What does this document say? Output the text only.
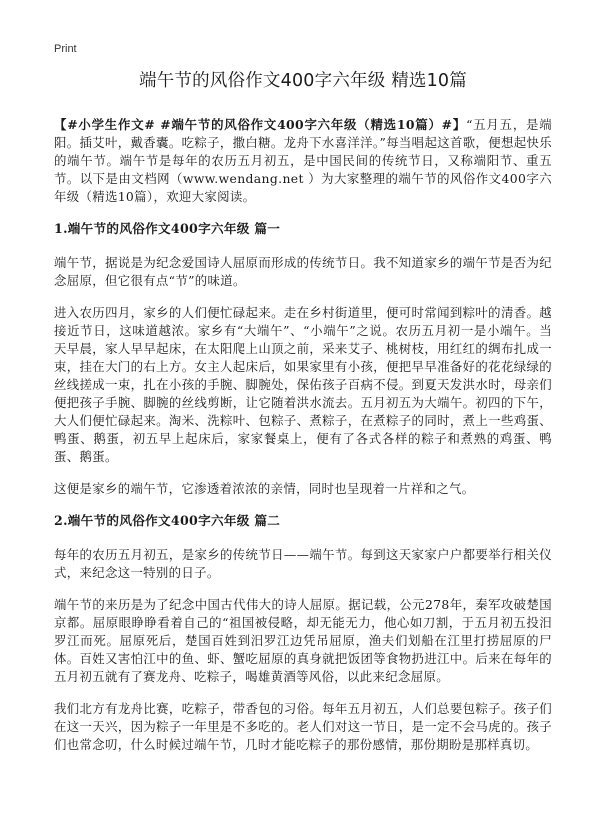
Print
端午节的风俗作文400字六年级 精选10篇

【#小学生作文# #端午节的风俗作文400字六年级（精选10篇）#】“五月五，是端阳。插艾叶，戴香囊。吃粽子，撒白糖。龙舟下水喜洋洋。”每当唱起这首歌，便想起快乐的端午节。端午节是每年的农历五月初五，是中国民间的传统节日，又称端阳节、重五节。以下是由文档网（www.wendang.net ）为大家整理的端午节的风俗作文400字六年级（精选10篇），欢迎大家阅读。

1.端午节的风俗作文400字六年级 篇一

端午节，据说是为纪念爱国诗人屈原而形成的传统节日。我不知道家乡的端午节是否为纪念屈原，但它很有点“节”的味道。

进入农历四月，家乡的人们便忙碌起来。走在乡村街道里，便可时常闻到粽叶的清香。越接近节日，这味道越浓。家乡有“大端午”、“小端午”之说。农历五月初一是小端午。当天早晨，家人早早起床，在太阳爬上山顶之前，采来艾子、桃树枝，用红红的绸布扎成一束，挂在大门的右上方。女主人起床后，如果家里有小孩，便把早早准备好的花花绿绿的丝线搓成一束，扎在小孩的手腕、脚腕处，保佑孩子百病不侵。到夏天发洪水时，母亲们便把孩子手腕、脚腕的丝线剪断，让它随着洪水流去。五月初五为大端午。初四的下午，大人们便忙碌起来。淘米、洗粽叶、包粽子、煮粽子，在煮粽子的同时，煮上一些鸡蛋、鸭蛋、鹅蛋，初五早上起床后，家家餐桌上，便有了各式各样的粽子和煮熟的鸡蛋、鸭蛋、鹅蛋。

这便是家乡的端午节，它渗透着浓浓的亲情，同时也呈现着一片祥和之气。

2.端午节的风俗作文400字六年级 篇二

每年的农历五月初五，是家乡的传统节日——端午节。每到这天家家户户都要举行相关仪式，来纪念这一特别的日子。

端午节的来历是为了纪念中国古代伟大的诗人屈原。据记载，公元278年，秦军攻破楚国京都。屈原眼睁睁看着自己的“祖国被侵略，却无能无力，他心如刀割，于五月初五投汨罗江而死。屈原死后，楚国百姓到汨罗江边凭吊屈原，渔夫们划船在江里打捞屈原的尸体。百姓又害怕江中的鱼、虾、蟹吃屈原的真身就把饭团等食物扔进江中。后来在每年的五月初五就有了赛龙舟、吃粽子，喝雄黄酒等风俗，以此来纪念屈原。

我们北方有龙舟比赛，吃粽子，带香包的习俗。每年五月初五，人们总要包粽子。孩子们在这一天兴，因为粽子一年里是不多吃的。老人们对这一节日，是一定不会马虎的。孩子们也常念叨，什么时候过端午节，几时才能吃粽子的那份感情，那份期盼是那样真切。
